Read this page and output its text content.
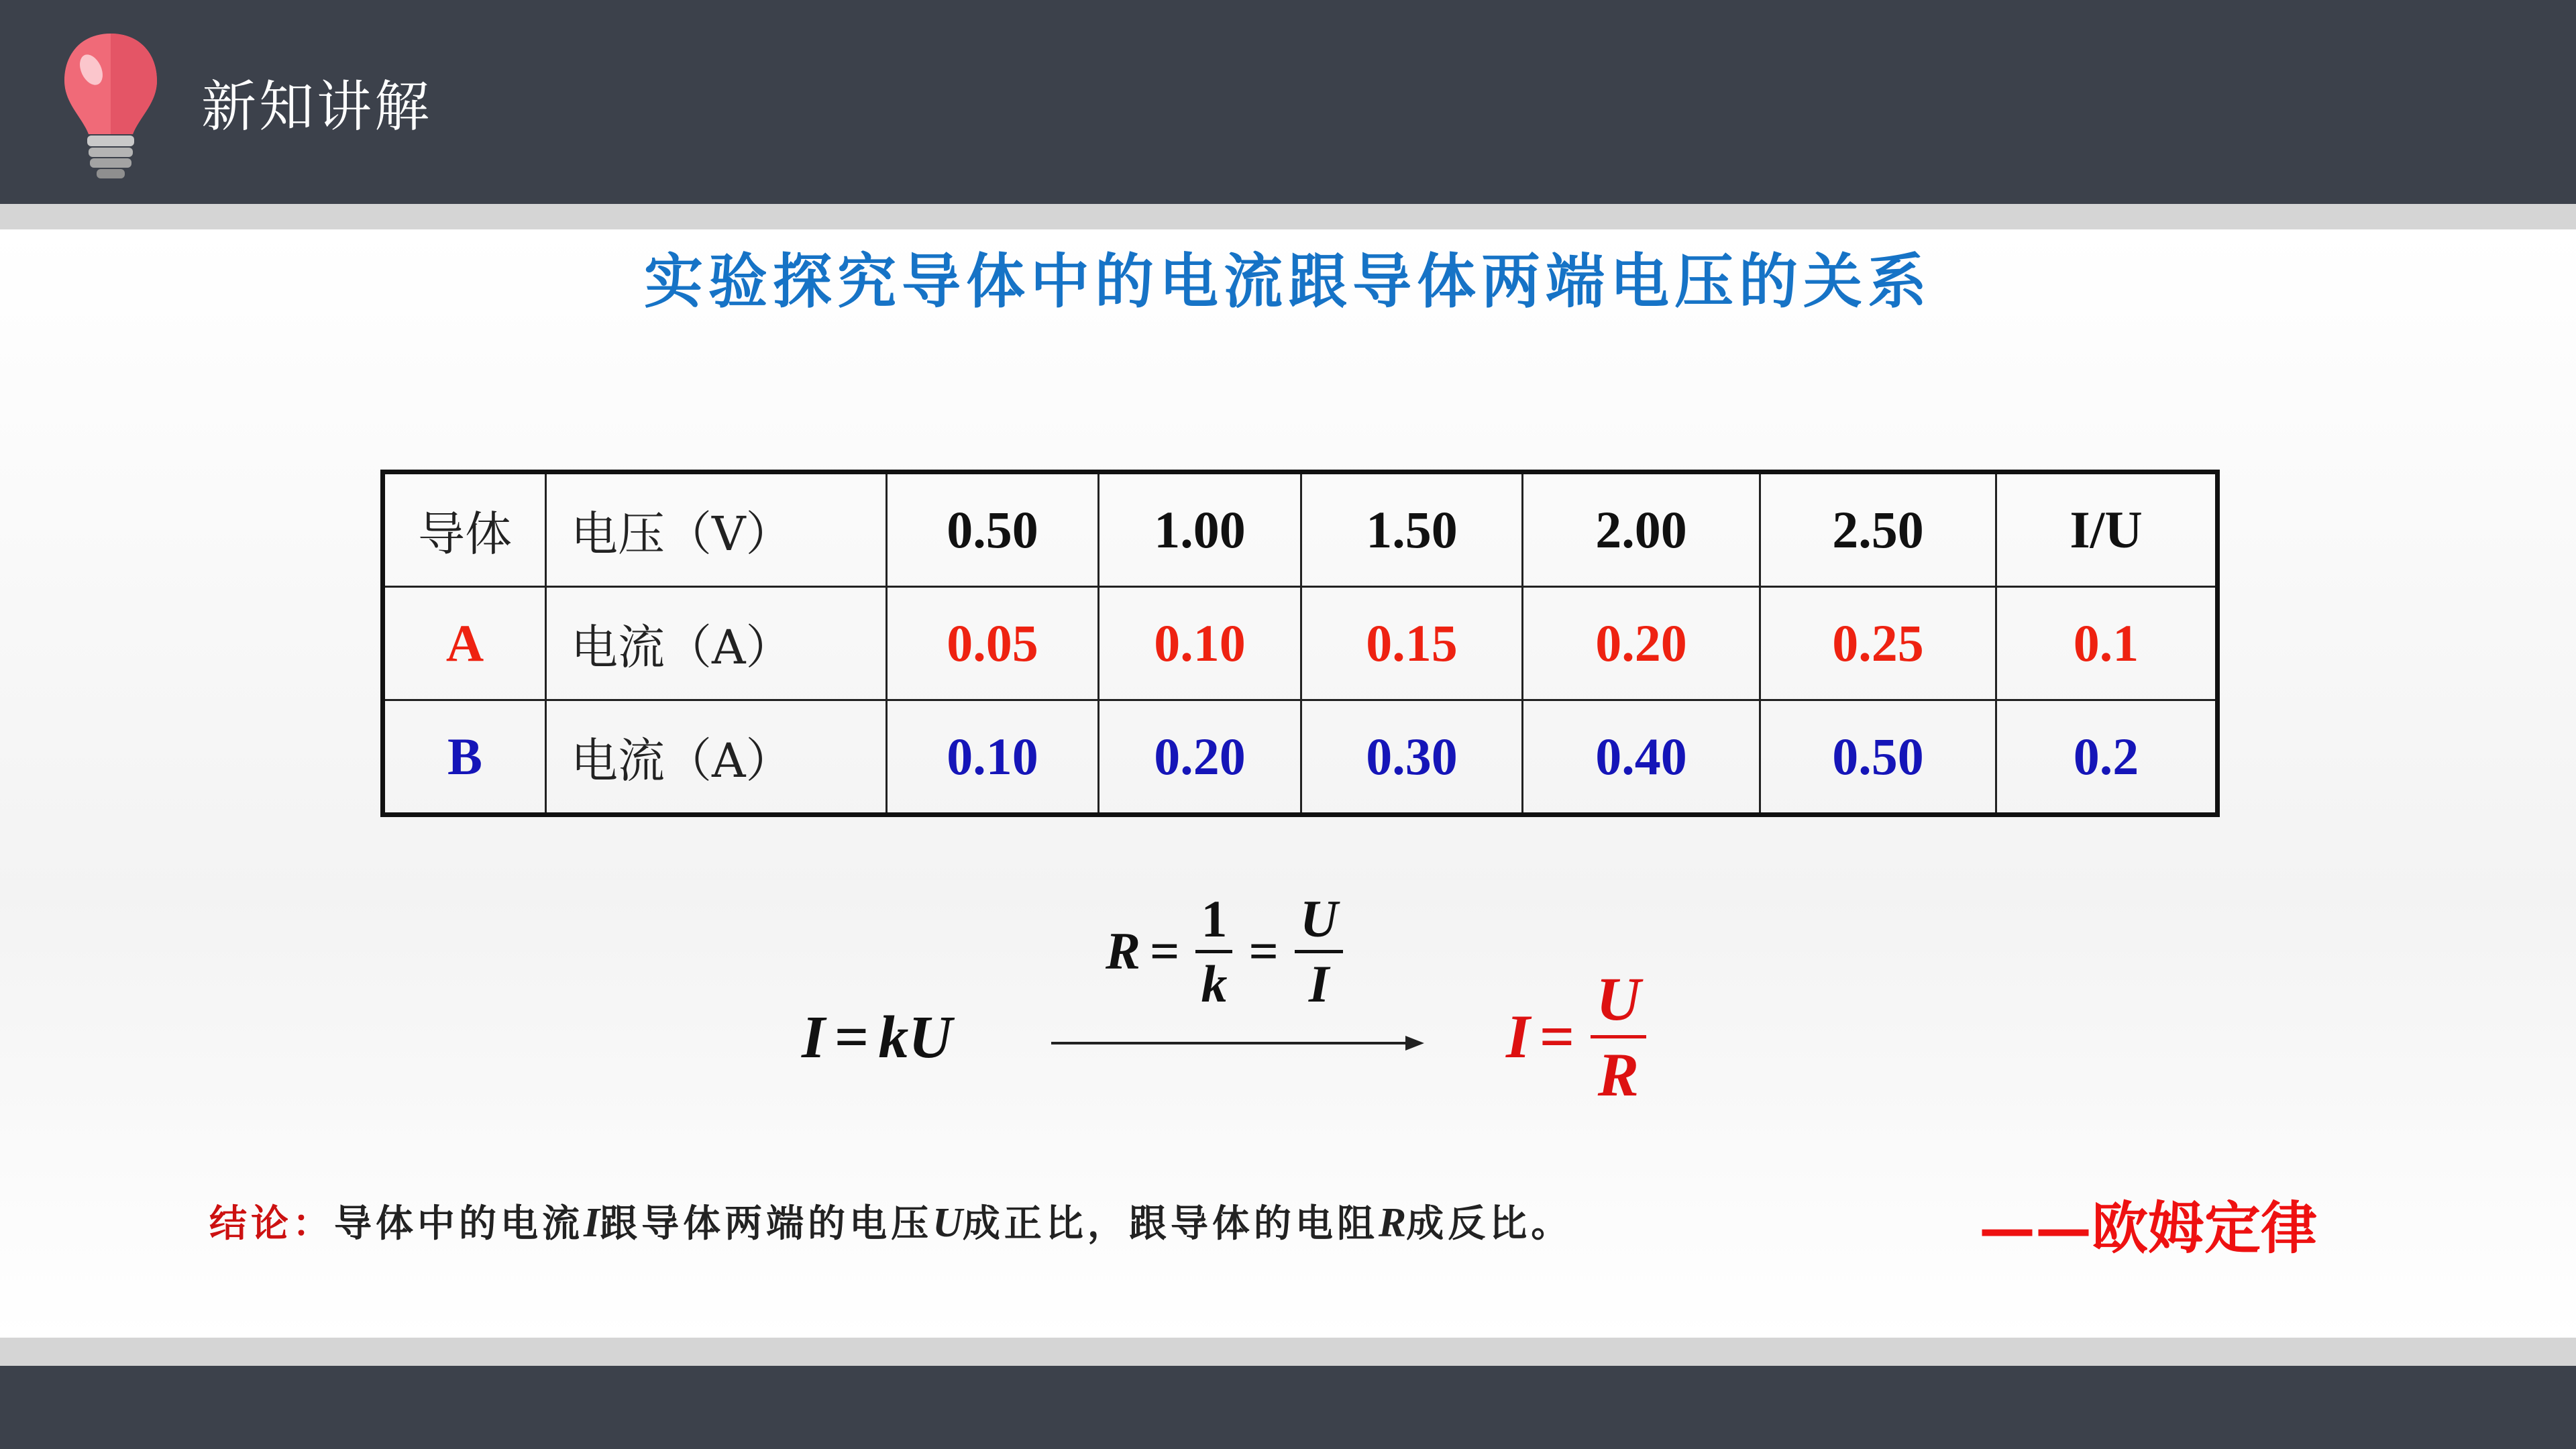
新知讲解
实验探究导体中的电流跟导体两端电压的关系
导体	电压（V）	0.50	1.00	1.50	2.00	2.50	I/U
A	电流（A）	0.05	0.10	0.15	0.20	0.25	0.1
B	电流（A）	0.10	0.20	0.30	0.40	0.50	0.2
I = kU
$R = \frac{1}{k} = \frac{U}{I}$
$I = \frac{U}{R}$
结论：导体中的电流I跟导体两端的电压U成正比，跟导体的电阻R成反比。	——欧姆定律
